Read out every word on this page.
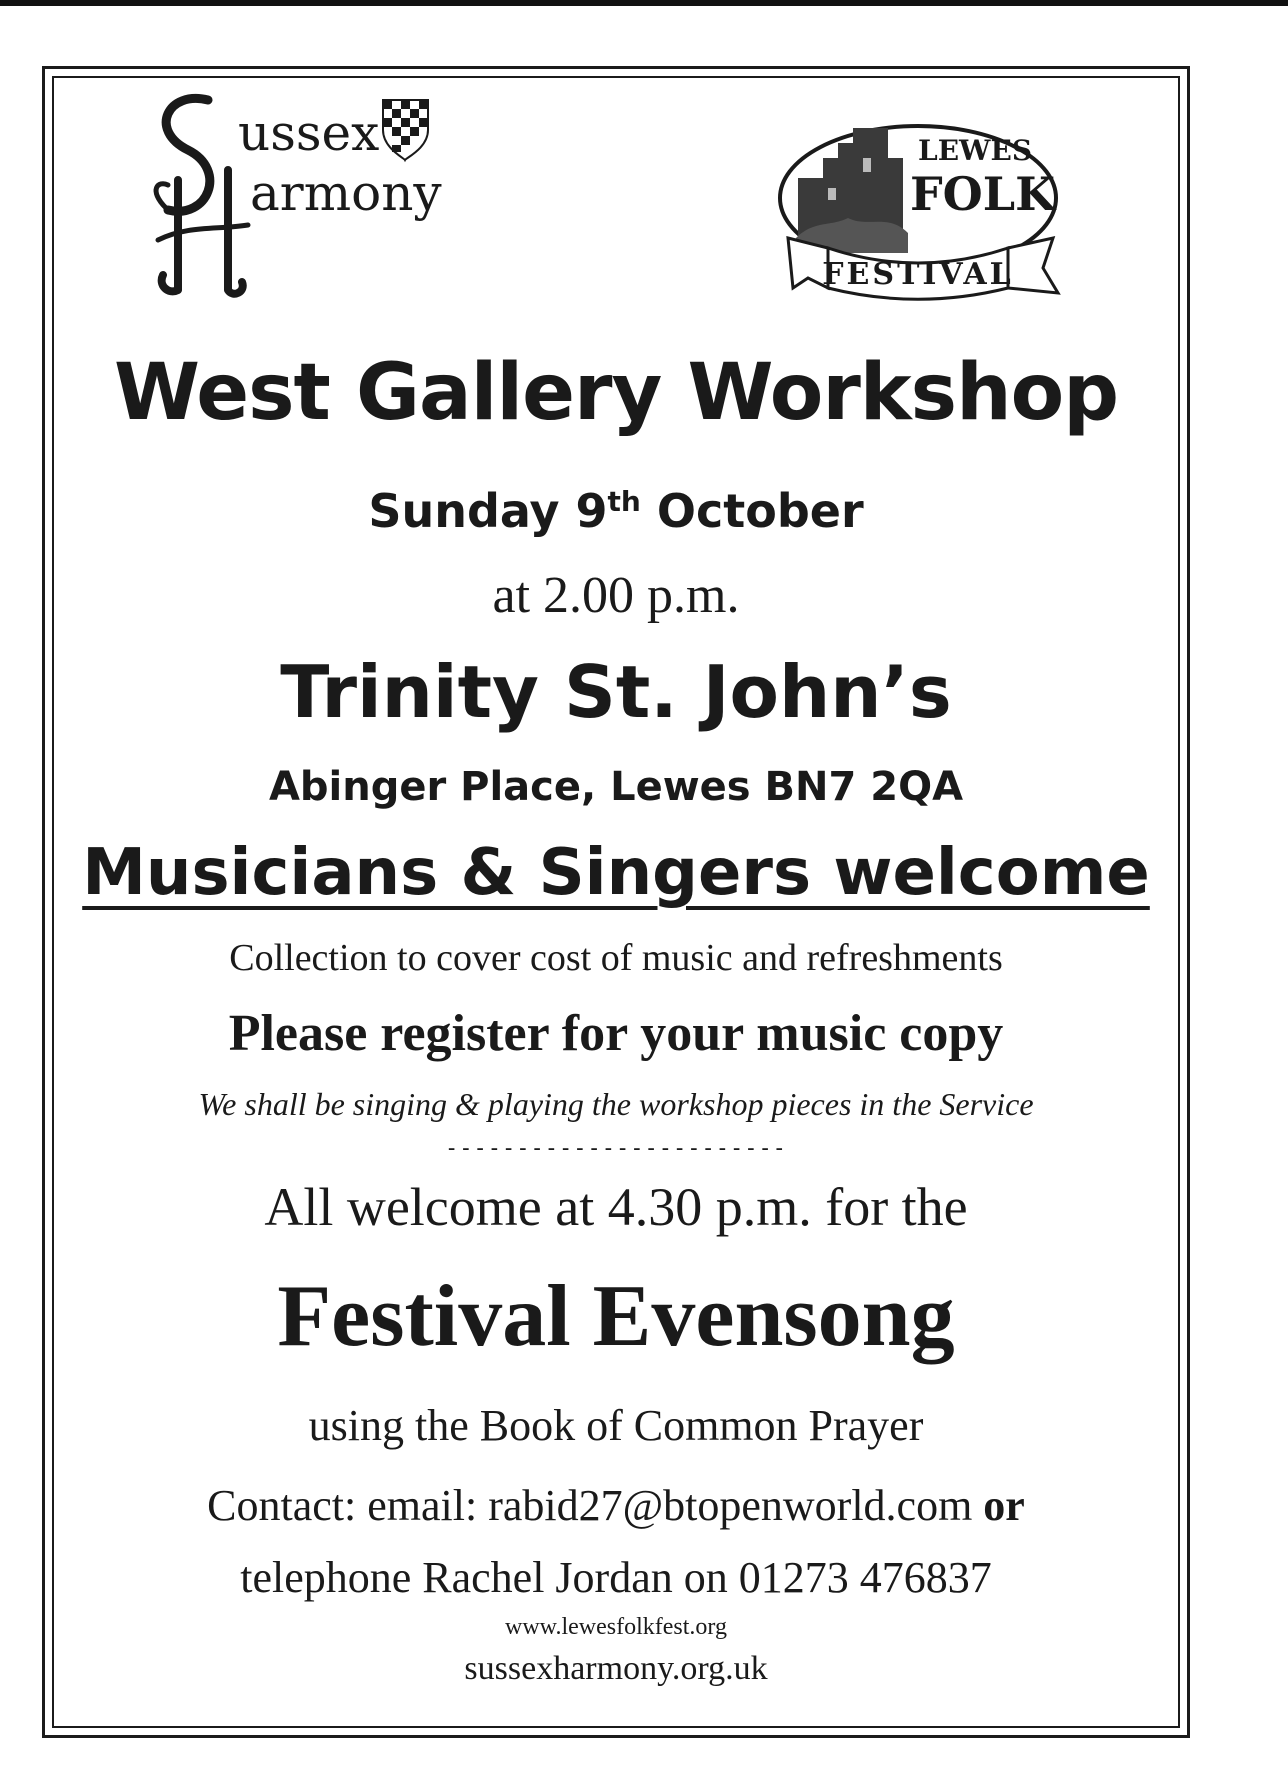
ussex
armony
LEWES
FOLK
FESTIVAL
West Gallery Workshop
Sunday 9th October
at 2.00 p.m.
Trinity St. John’s
Abinger Place, Lewes BN7 2QA
Musicians & Singers welcome
Collection to cover cost of music and refreshments
Please register for your music copy
We shall be singing & playing the workshop pieces in the Service
------------------------
All welcome at 4.30 p.m. for the
Festival Evensong
using the Book of Common Prayer
Contact: email: rabid27@btopenworld.com or
telephone Rachel Jordan on 01273 476837
www.lewesfolkfest.org
sussexharmony.org.uk
